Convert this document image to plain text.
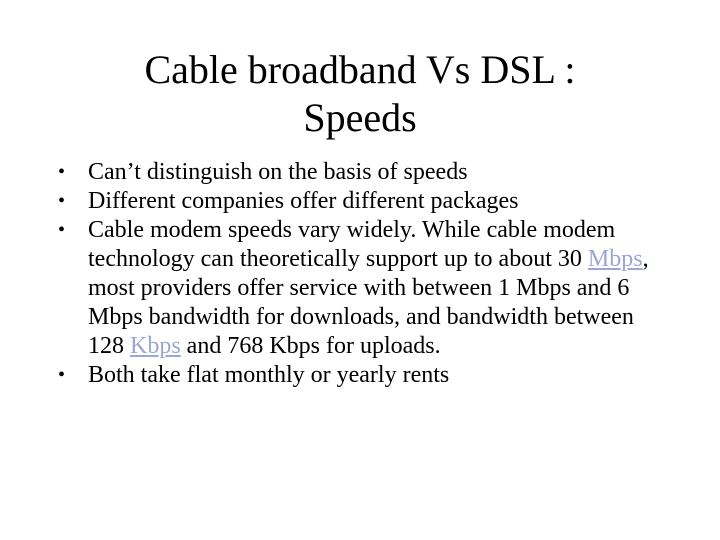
Cable broadband Vs DSL :
Speeds
• Can’t distinguish on the basis of speeds
• Different companies offer different packages
• Cable modem speeds vary widely. While cable modem technology can theoretically support up to about 30 Mbps, most providers offer service with between 1 Mbps and 6 Mbps bandwidth for downloads, and bandwidth between 128 Kbps and 768 Kbps for uploads.
• Both take flat monthly or yearly rents
